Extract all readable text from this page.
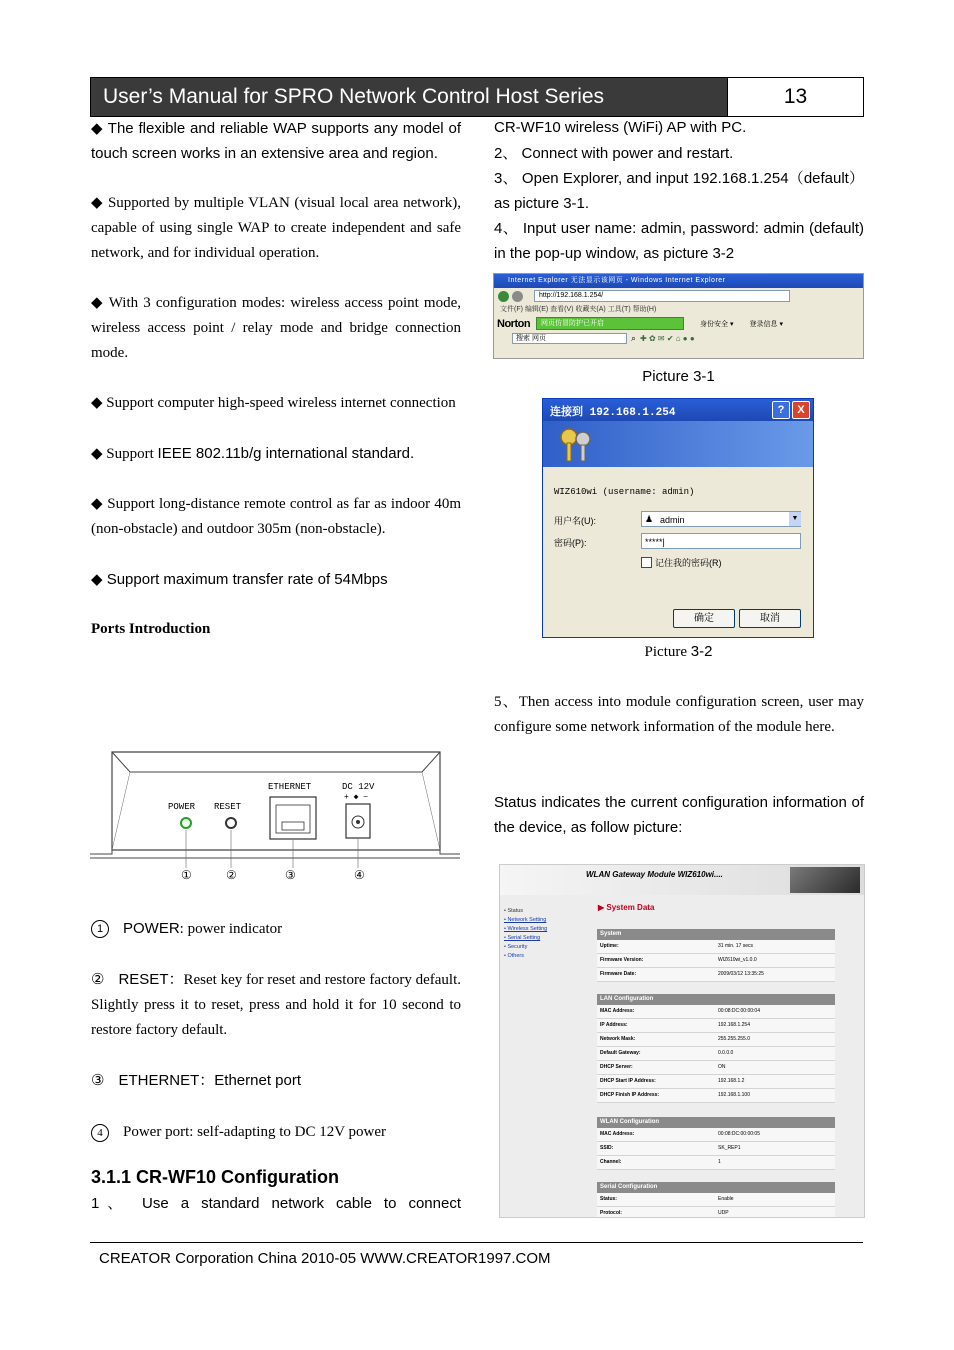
User’s Manual for SPRO Network Control Host Series	13

◆ The flexible and reliable WAP supports any model of touch screen works in an extensive area and region.

◆ Supported by multiple VLAN (visual local area network), capable of using single WAP to create independent and safe network, and for individual operation.

◆ With 3 configuration modes: wireless access point mode, wireless access point / relay mode and bridge connection mode.

◆ Support computer high-speed wireless internet connection

◆ Support IEEE 802.11b/g international standard.

◆ Support long-distance remote control as far as indoor 40m (non-obstacle) and outdoor 305m (non-obstacle).

◆ Support maximum transfer rate of 54Mbps

Ports Introduction

POWER RESET
ETHERNET	DC 12V
+ ◆ −
①	②	③	④

1 POWER: power indicator

② RESET：Reset key for reset and restore factory default. Slightly press it to reset, press and hold it for 10 second to restore factory default.

③ ETHERNET：Ethernet port

4 Power port: self-adapting to DC 12V power

3.1.1 CR-WF10 Configuration
1、 Use a standard network cable to connect

CR-WF10 wireless (WiFi) AP with PC.

2、 Connect with power and restart.

3、 Open Explorer, and input 192.168.1.254（default）as picture 3-1.

4、 Input user name: admin, password: admin (default) in the pop-up window, as picture 3-2

Internet Explorer 无法显示该网页 - Windows Internet Explorer
http://192.168.1.254/
文件(F) 编辑(E) 查看(V) 收藏夹(A) 工具(T) 帮助(H)
Norton	网页仿冒防护已开启	身份安全 ▾ 登录信息 ▾
搜索 网页	⌕ ✚ ✿ ✉ ✔ ⌂ ● ●
Picture 3-1
连接到 192.168.1.254	?	X
WIZ610wi (username: admin)
用户名(U):	admin
♟	▼
密码(P):	*****|
记住我的密码(R)
确定	取消
Picture 3-2
5、Then access into module configuration screen, user may configure some network information of the module here.
Status indicates the current configuration information of the device, as follow picture:
WLAN Gateway Module WIZ610wi....
• Status
• Network Setting
• Wireless Setting
• Serial Setting
• Security
• Others
▶ System Data
System
Uptime:	31 min. 17 secs
Firmware Version:	WIZ610wi_v1.0.0
Firmware Date:	2009/03/12 13:35:25
LAN Configuration
MAC Address:	00:08:DC:00:00:04
IP Address:	192.168.1.254
Network Mask:	255.255.255.0
Default Gateway:	0.0.0.0
DHCP Server:	ON
DHCP Start IP Address:	192.168.1.2
DHCP Finish IP Address:	192.168.1.100
WLAN Configuration
MAC Address:	00:08:DC:00:00:05
SSID:	SK_REP1
Channel:	1
Serial Configuration
Status:	Enable
Protocol:	UDP
CREATOR Corporation China 2010-05 WWW.CREATOR1997.COM
